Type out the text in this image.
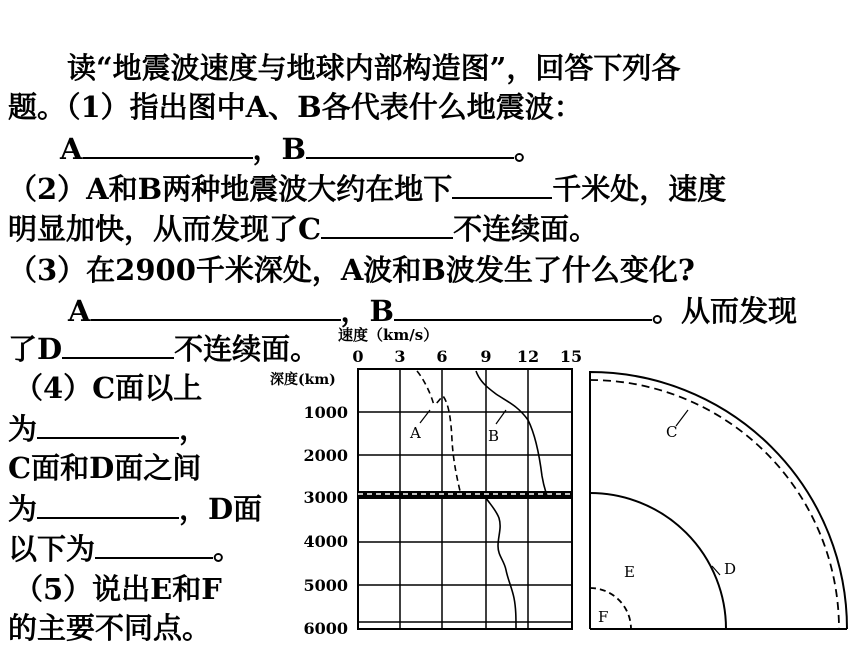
读“地震波速度与地球内部构造图”，回答下列各
题。（1）指出图中A、B各代表什么地震波：
A	，B	。
（2）A和B两种地震波大约在地下	千米处，速度
明显加快，从而发现了C	不连续面。
（3）在2900千米深处，A波和B波发生了什么变化?
A	，B	。从而发现
了D	不连续面。
（4）C面以上
为	，
C面和D面之间
为	，D面
以下为	。
（5）说出E和F
的主要不同点。
速度（km/s）
深度(km)
0 3 6 9 12 15
1000
2000
3000
4000
5000
6000
A	B	C
D
E
F
